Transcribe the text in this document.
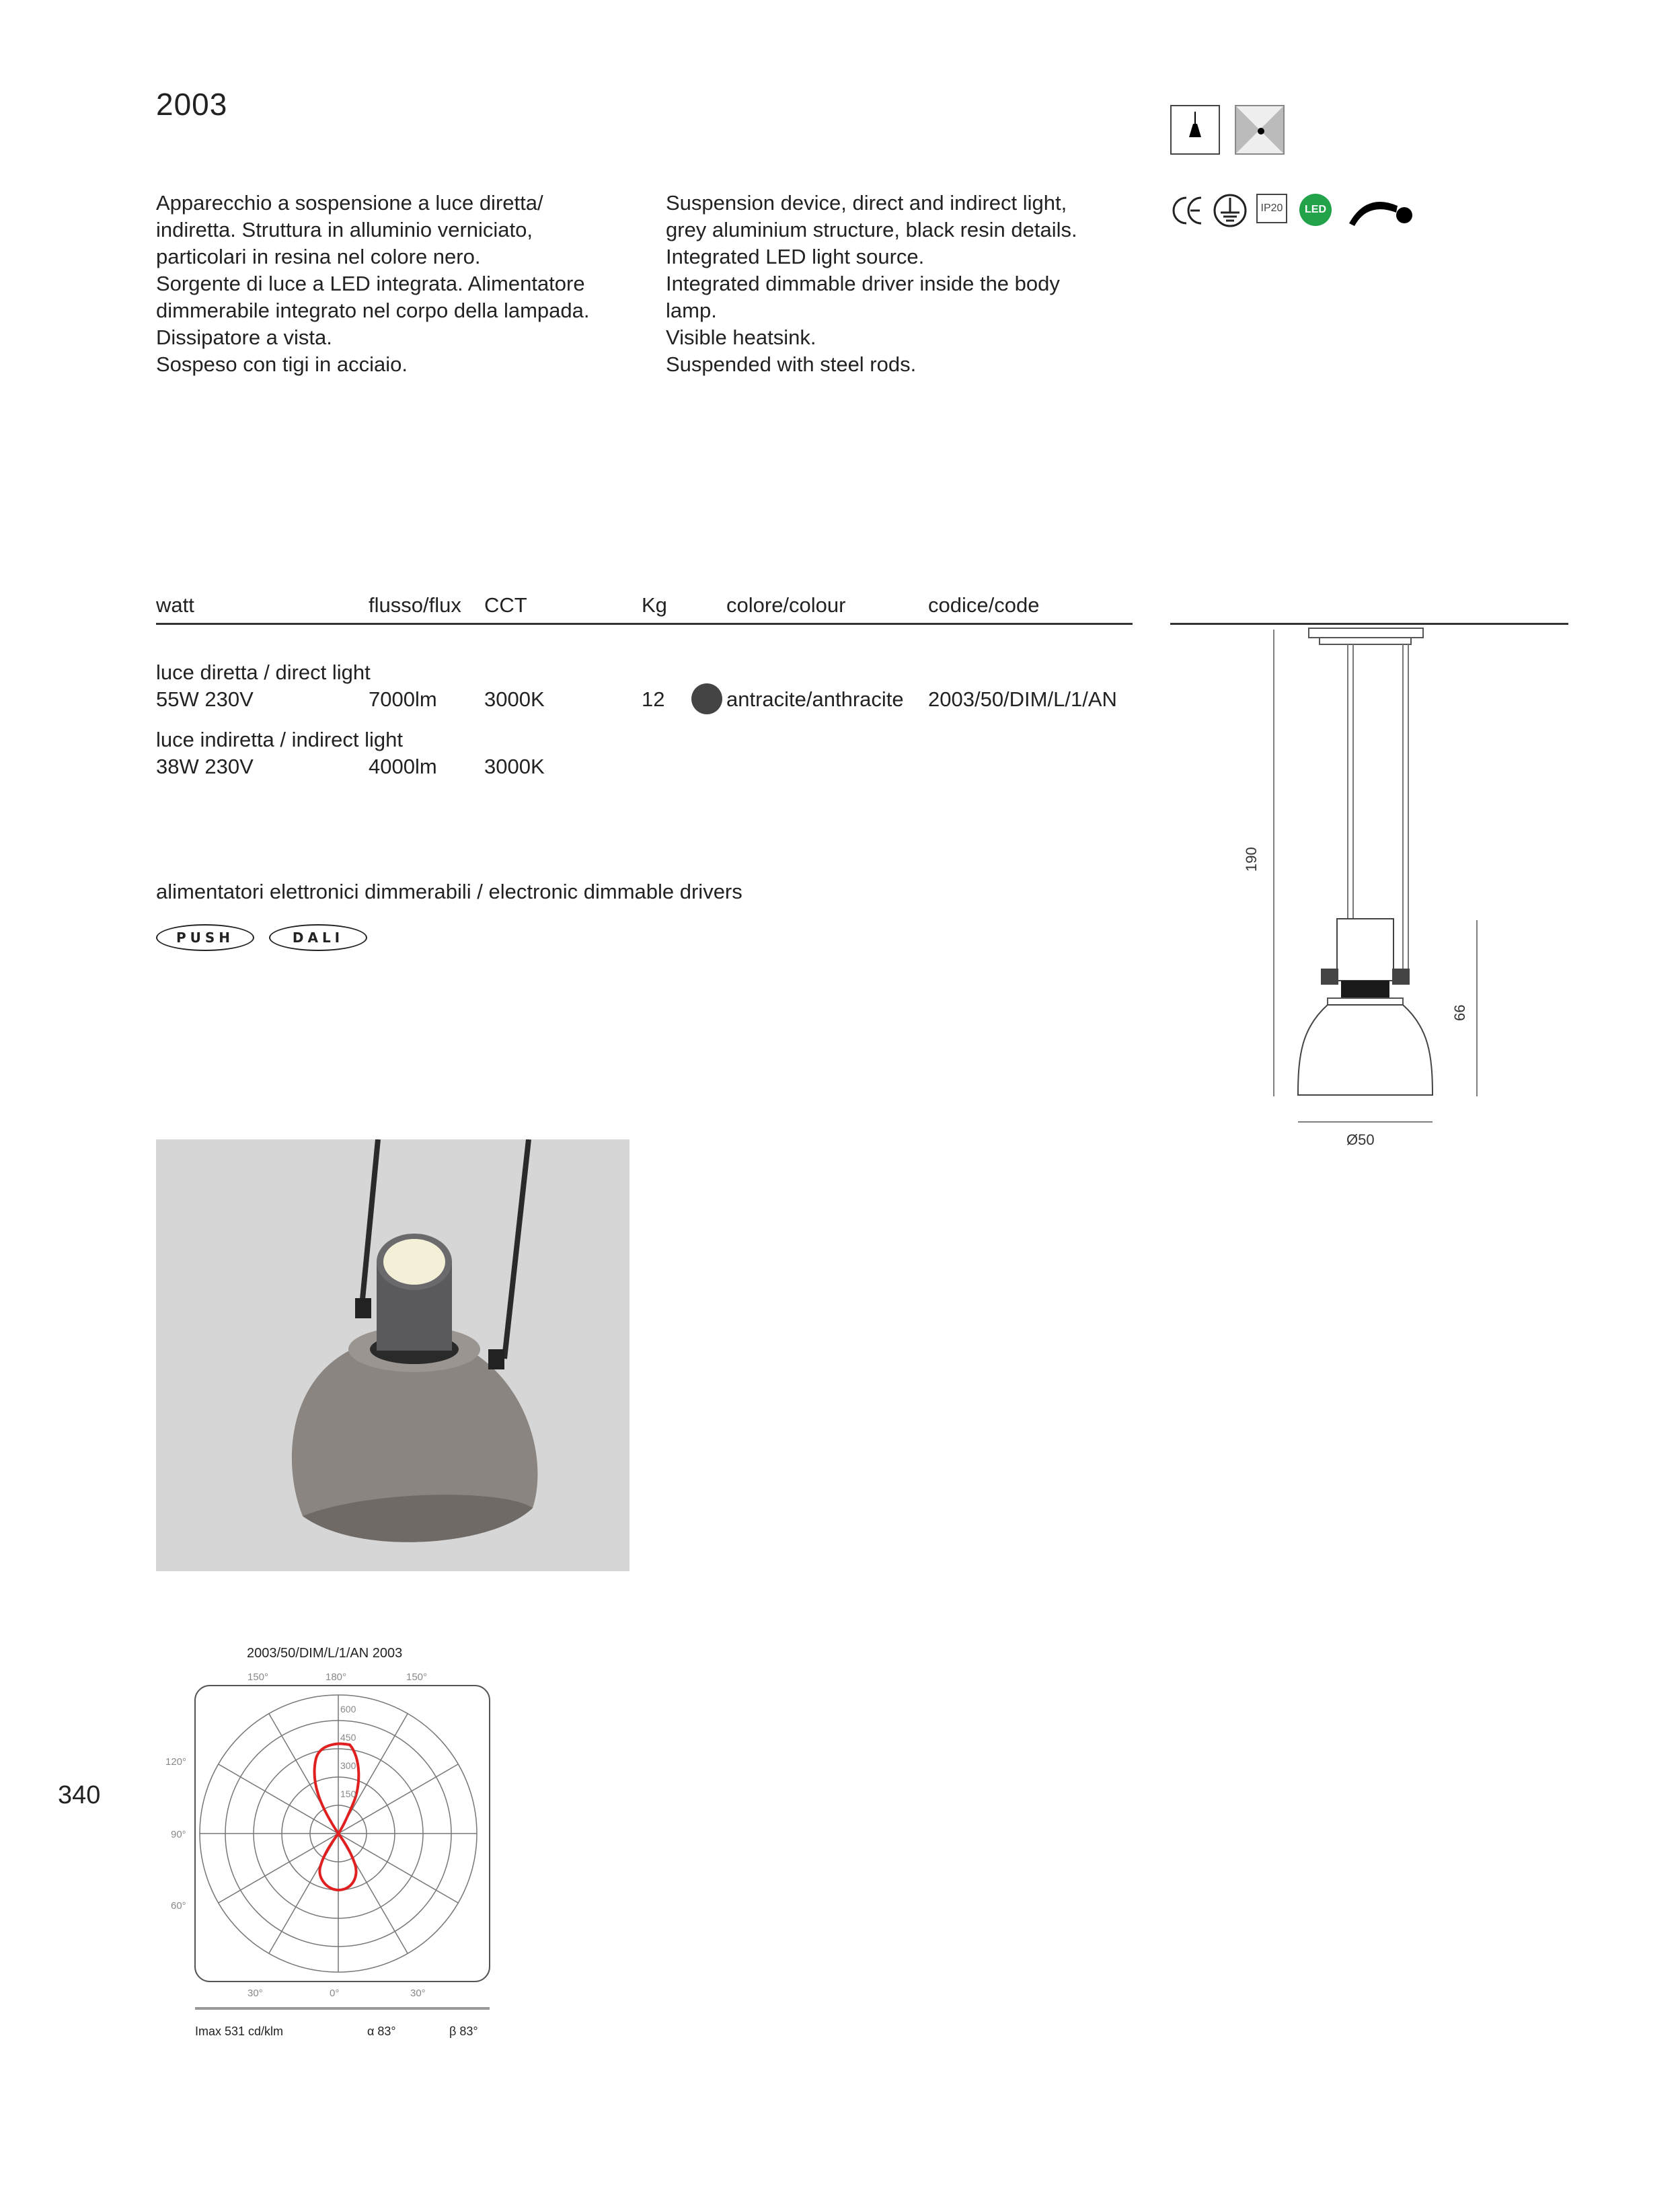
2003
IP20	LED
Apparecchio a sospensione a luce diretta/
indiretta. Struttura in alluminio verniciato,
particolari in resina nel colore nero.
Sorgente di luce a LED integrata. Alimentatore
dimmerabile integrato nel corpo della lampada.
Dissipatore a vista.
Sospeso con tigi in acciaio.
Suspension device, direct and indirect light,
grey aluminium structure, black resin details.
Integrated LED light source.
Integrated dimmable driver inside the body
lamp.
Visible heatsink.
Suspended with steel rods.
watt	flusso/flux CCT	Kg	colore/colour	codice/code
luce diretta / direct light
55W 230V	7000lm 3000K	12	antracite/anthracite 2003/50/DIM/L/1/AN
luce indiretta / indirect light
38W 230V	4000lm 3000K
alimentatori elettronici dimmerabili / electronic dimmable drivers
PUSH	DALI
190
66
Ø50
2003/50/DIM/L/1/AN 2003
150°	180°	150°
120°
90°
60°
30°	0°	30°
600
450
300
150
Imax 531 cd/klm	α 83°	β 83°
340
